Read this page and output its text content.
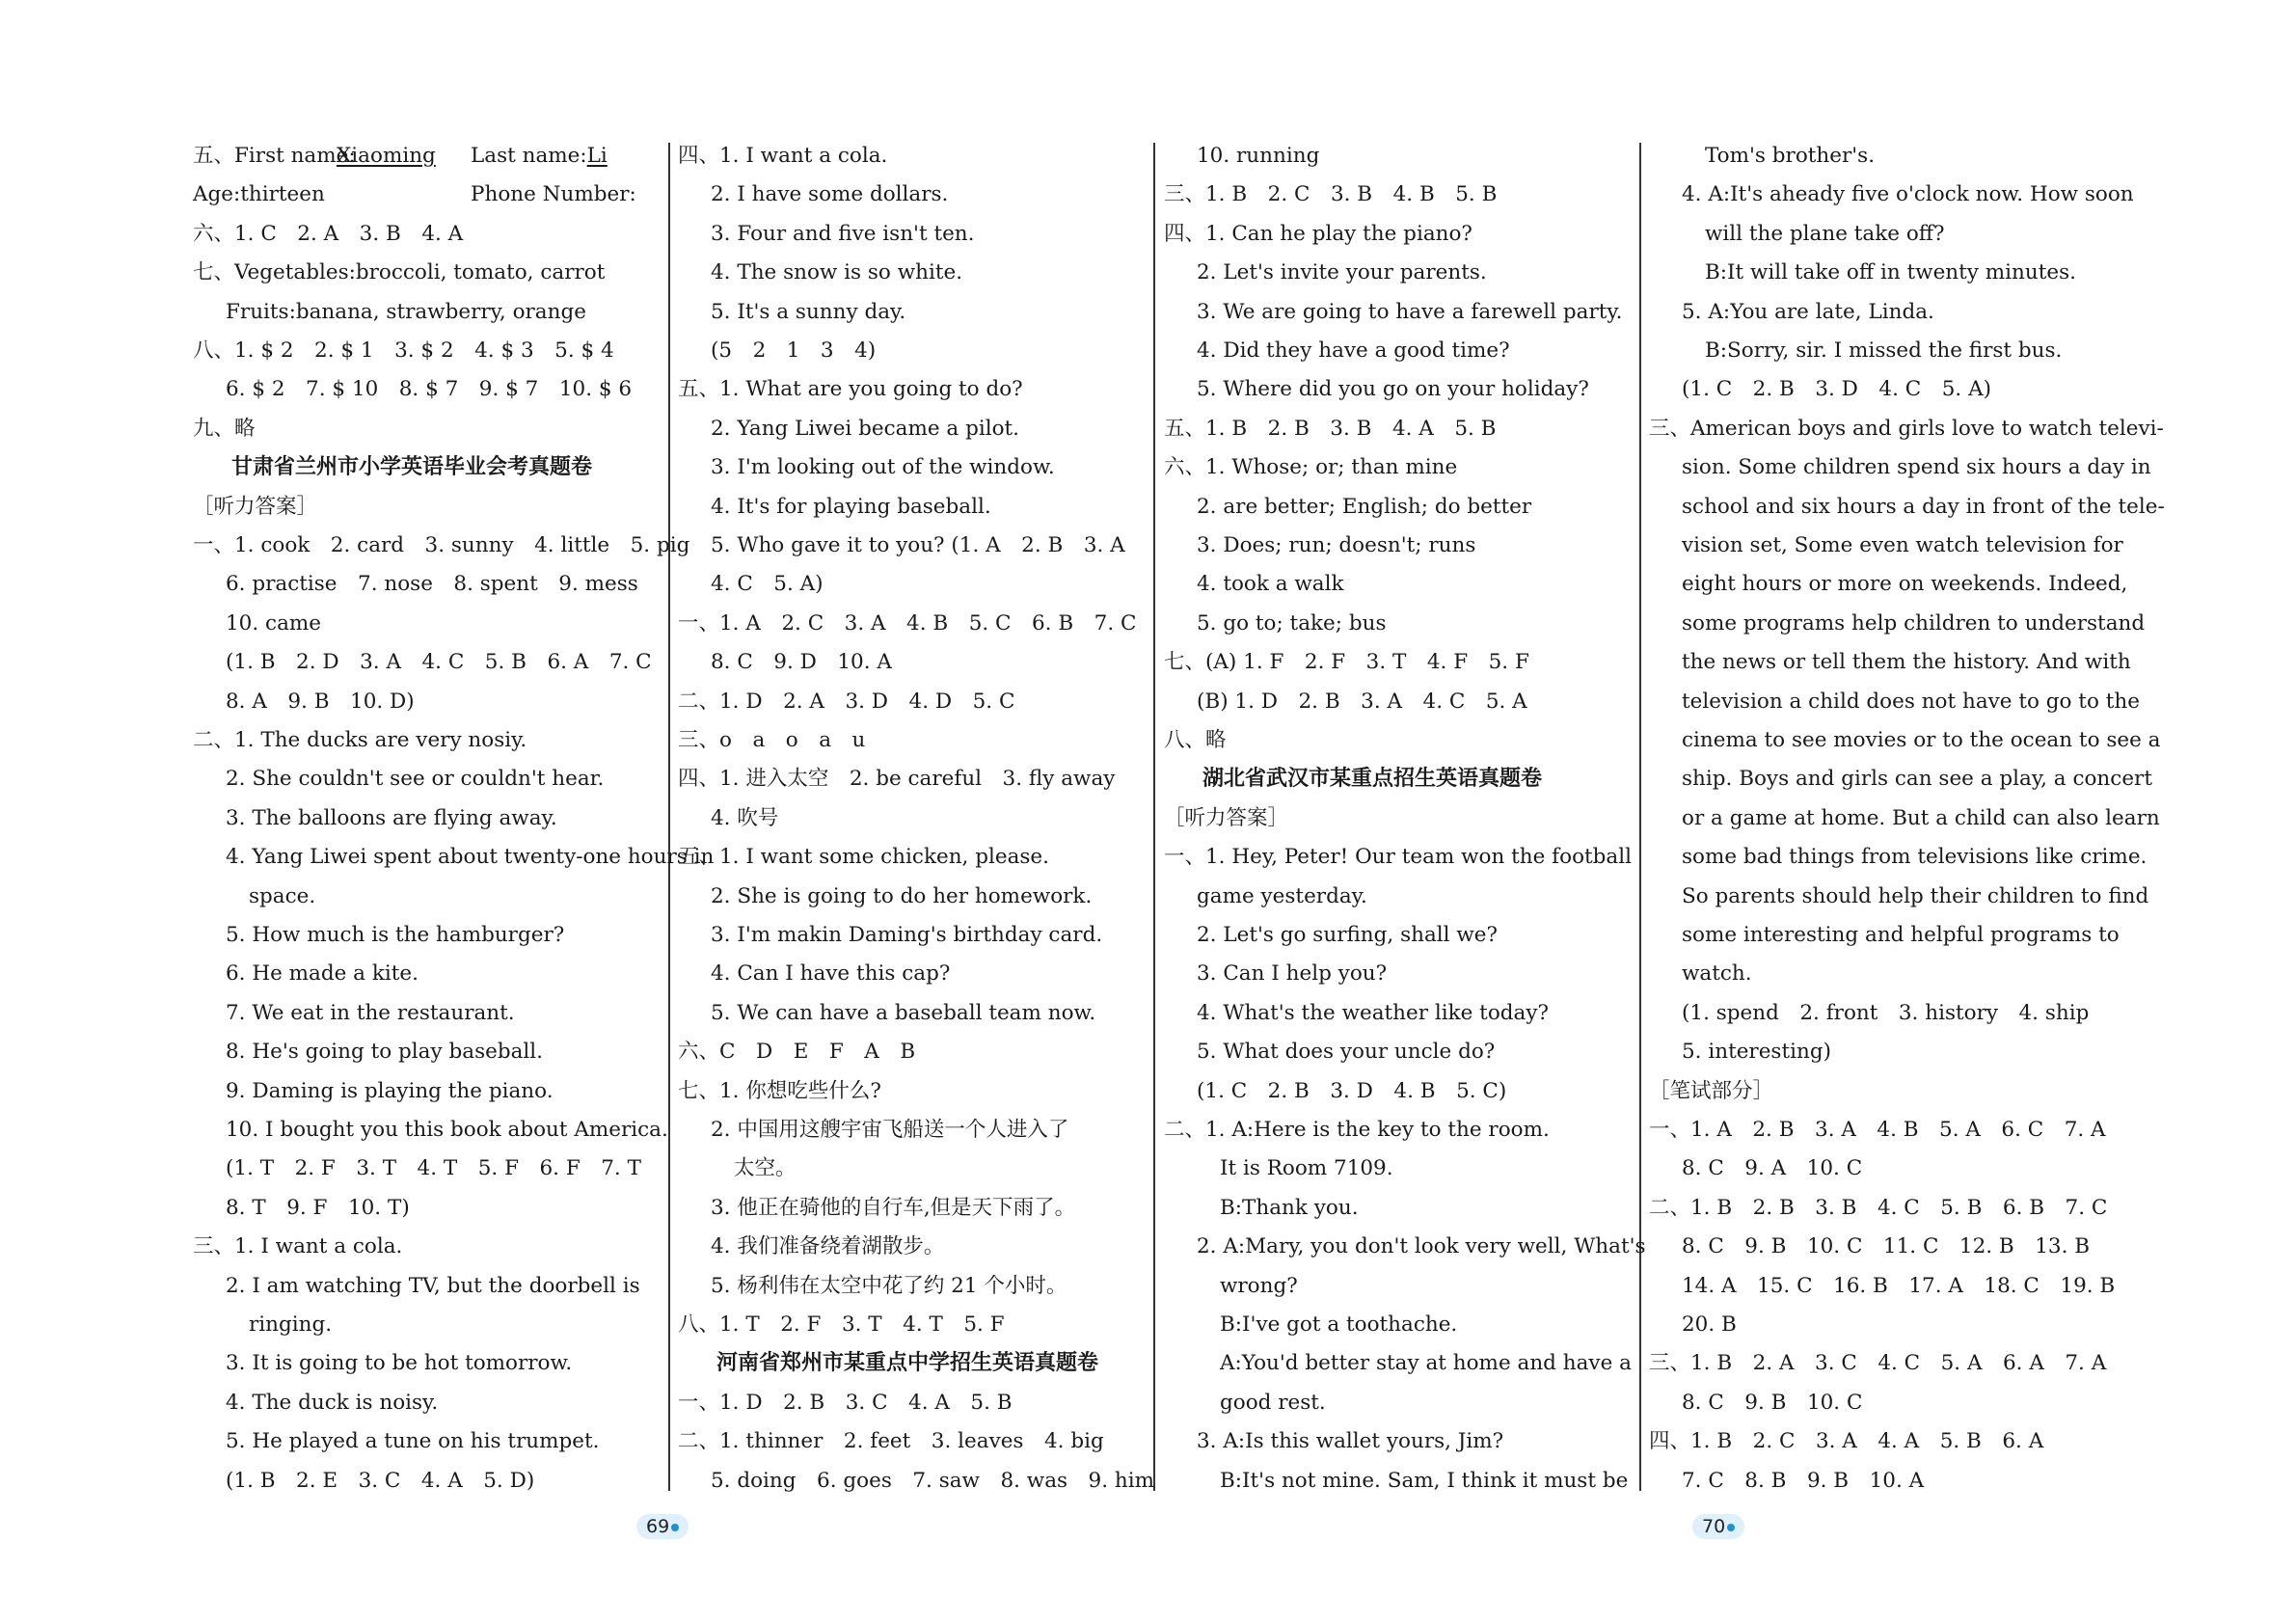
五、First name:
Age:thirteen
六、1. C　2. A　3. B　4. A
七、Vegetables:broccoli, tomato, carrot
Fruits:banana, strawberry, orange
八、1. $ 2　2. $ 1　3. $ 2　4. $ 3　5. $ 4
6. $ 2　7. $ 10　8. $ 7　9. $ 7　10. $ 6
九、略
甘肃省兰州市小学英语毕业会考真题卷
［听力答案］
一、1. cook　2. card　3. sunny　4. little　5. pig
6. practise　7. nose　8. spent　9. mess
10. came
(1. B　2. D　3. A　4. C　5. B　6. A　7. C
8. A　9. B　10. D)
二、1. The ducks are very nosiy.
2. She couldn't see or couldn't hear.
3. The balloons are flying away.
4. Yang Liwei spent about twenty-one hours in
space.
5. How much is the hamburger?
6. He made a kite.
7. We eat in the restaurant.
8. He's going to play baseball.
9. Daming is playing the piano.
10. I bought you this book about America.
(1. T　2. F　3. T　4. T　5. F　6. F　7. T
8. T　9. F　10. T)
三、1. I want a cola.
2. I am watching TV, but the doorbell is
ringing.
3. It is going to be hot tomorrow.
4. The duck is noisy.
5. He played a tune on his trumpet.
(1. B　2. E　3. C　4. A　5. D)
四、1. I want a cola.
2. I have some dollars.
3. Four and five isn't ten.
4. The snow is so white.
5. It's a sunny day.
(5　2　1　3　4)
五、1. What are you going to do?
2. Yang Liwei became a pilot.
3. I'm looking out of the window.
4. It's for playing baseball.
5. Who gave it to you? (1. A　2. B　3. A
4. C　5. A)
一、1. A　2. C　3. A　4. B　5. C　6. B　7. C
8. C　9. D　10. A
二、1. D　2. A　3. D　4. D　5. C
三、o　a　o　a　u
四、1. 进入太空　2. be careful　3. fly away
4. 吹号
五、1. I want some chicken, please.
2. She is going to do her homework.
3. I'm makin Daming's birthday card.
4. Can I have this cap?
5. We can have a baseball team now.
六、C　D　E　F　A　B
七、1. 你想吃些什么?
2. 中国用这艘宇宙飞船送一个人进入了
太空。
3. 他正在骑他的自行车,但是天下雨了。
4. 我们准备绕着湖散步。
5. 杨利伟在太空中花了约 21 个小时。
八、1. T　2. F　3. T　4. T　5. F
河南省郑州市某重点中学招生英语真题卷
一、1. D　2. B　3. C　4. A　5. B
二、1. thinner　2. feet　3. leaves　4. big
5. doing　6. goes　7. saw　8. was　9. him
10. running
三、1. B　2. C　3. B　4. B　5. B
四、1. Can he play the piano?
2. Let's invite your parents.
3. We are going to have a farewell party.
4. Did they have a good time?
5. Where did you go on your holiday?
五、1. B　2. B　3. B　4. A　5. B
六、1. Whose; or; than mine
2. are better; English; do better
3. Does; run; doesn't; runs
4. took a walk
5. go to; take; bus
七、(A) 1. F　2. F　3. T　4. F　5. F
(B) 1. D　2. B　3. A　4. C　5. A
八、略
湖北省武汉市某重点招生英语真题卷
［听力答案］
一、1. Hey, Peter! Our team won the football
game yesterday.
2. Let's go surfing, shall we?
3. Can I help you?
4. What's the weather like today?
5. What does your uncle do?
(1. C　2. B　3. D　4. B　5. C)
二、1. A:Here is the key to the room.
It is Room 7109.
B:Thank you.
2. A:Mary, you don't look very well, What's
wrong?
B:I've got a toothache.
A:You'd better stay at home and have a
good rest.
3. A:Is this wallet yours, Jim?
B:It's not mine. Sam, I think it must be
Tom's brother's.
4. A:It's aheady five o'clock now. How soon
will the plane take off?
B:It will take off in twenty minutes.
5. A:You are late, Linda.
B:Sorry, sir. I missed the first bus.
(1. C　2. B　3. D　4. C　5. A)
三、American boys and girls love to watch televi-
sion. Some children spend six hours a day in
school and six hours a day in front of the tele-
vision set, Some even watch television for
eight hours or more on weekends. Indeed,
some programs help children to understand
the news or tell them the history. And with
television a child does not have to go to the
cinema to see movies or to the ocean to see a
ship. Boys and girls can see a play, a concert
or a game at home. But a child can also learn
some bad things from televisions like crime.
So parents should help their children to find
some interesting and helpful programs to
watch.
(1. spend　2. front　3. history　4. ship
5. interesting)
［笔试部分］
一、1. A　2. B　3. A　4. B　5. A　6. C　7. A
8. C　9. A　10. C
二、1. B　2. B　3. B　4. C　5. B　6. B　7. C
8. C　9. B　10. C　11. C　12. B　13. B
14. A　15. C　16. B　17. A　18. C　19. B
20. B
三、1. B　2. A　3. C　4. C　5. A　6. A　7. A
8. C　9. B　10. C
四、1. B　2. C　3. A　4. A　5. B　6. A
7. C　8. B　9. B　10. A
Xiaoming Last name:Li
Phone Number:
69	70
